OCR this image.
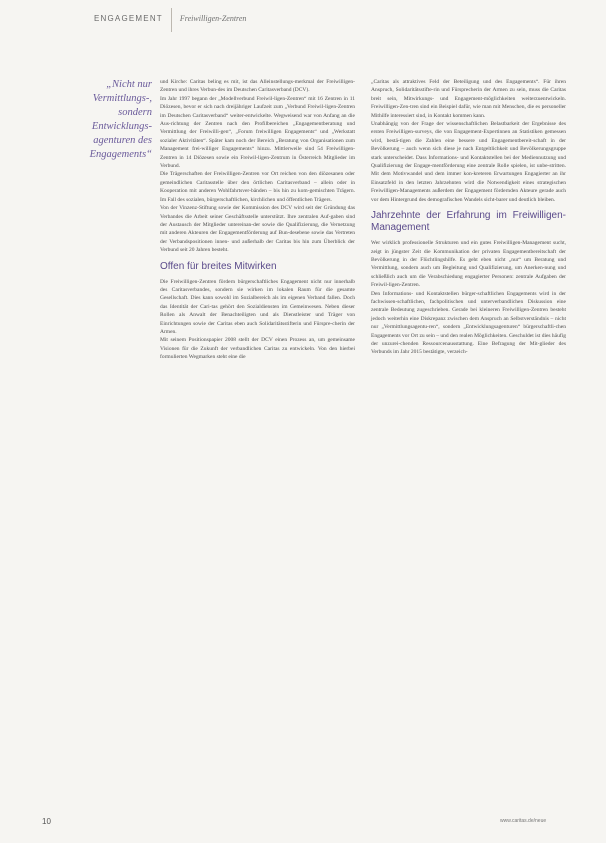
ENGAGEMENT Freiwilligen-Zentren
„Nicht nur Vermittlungs-, sondern Entwicklungs-agenturen des Engagements“

und Kirche: Caritas beling es mit, ist das Alleinstellungs-merkmal der Freiwilligen-Zentren und ihres Verbun-des im Deutschen Caritasverband (DCV).

Im Jahr 1997 begann der „Modellverbund Freiwil-ligen-Zentren“ mit 16 Zentren in 11 Diözesen, bevor er sich nach dreijähriger Laufzeit zum „Verbund Freiwil-ligen-Zentren im Deutschen Caritasverband“ weiter-entwickelte. Wegweisend war von Anfang an die Aus-richtung der Zentren nach den Profilbereichen „Engagementberatung und Vermittlung der Freiwilli-gen“, „Forum freiwilligen Engagements“ und „Werkstatt sozialer Aktivitäten“. Später kam noch der Bereich „Beratung von Organisationen zum Management frei-williger Engagements“ hinzu. Mittlerweile sind 54 Freiwilligen-Zentren in 14 Diözesen sowie ein Freiwil-ligen-Zentrum in Österreich Mitglieder im Verbund.

Die Trägerschaften der Freiwilligen-Zentren vor Ort reichen von den diözesanen oder gemeindlichen Caritasstelle über den örtlichen Caritasverband – allein oder in Kooperation mit anderen Wohlfahrtsver-bänden – bis hin zu kom-gemischten Trägern. Im Fall des sozialen, bürgerschaftlichen, kirchlichen und öffentlichen Trägers.

Von der Vinzenz-Stiftung sowie der Kommission des DCV wird seit der Gründung das Verbandes die Arbeit seiner Geschäftsstelle unterstützt. Ihre zentralen Auf-gaben sind der Austausch der Mitglieder untereinan-der sowie die Qualifizierung, die Vernetzung mit anderen Akteuren der Engagementförderung auf Bun-desebene sowie das Vertreten der Verbandspositionen innen- und außerhalb der Caritas bis hin zum Überblick der Verbund seit 20 Jahren besteht.

Offen für breites Mitwirken

Die Freiwilligen-Zentren fördern bürgerschaftliches Engagement nicht nur innerhalb des Caritasverbandes, sondern sie wirken im lokalen Raum für die gesamte Gesellschaft. Dies kann sowohl im Sozialbereich als im eigenen Verband fallen. Doch das Identität der Cari-tas gehört den Sozialdiensten im Gemeinwesen. Neben dieser Rollen als Anwalt der Benachteiligten und als Dienstleister und Träger von Einrichtungen sowie der Caritas eben auch Solidaritätsstifterin und Fürspre-cherin der Armen.

Mit seinem Positionspapier 2008 stellt der DCV einen Prozess an, um gemeinsame Visionen für die Zukunft der verbandlichen Caritas zu entwickeln. Von den hierbei formulierten Wegmarken steht eine die

„Caritas als attraktives Feld der Beteiligung und des Engagements“. Für ihren Anspruch, Solidaritätsstifte-rin und Fürsprecherin der Armen zu sein, muss die Caritas breit sein, Mitwirkungs- und Engagement-möglichkeiten weiterzuentwickeln. Freiwilligen-Zen-tren sind ein Beispiel dafür, wie man mit Menschen, die es personeller Mithilfe interessiert sind, in Kontakt kommen kann.

Unabhängig von der Frage der wissenschaftlichen Belastbarkeit der Ergebnisse des ersten Freiwilligen-surveys, die von Engagement-Expertinnen an Statistiken gemessen wird, bestä-tigen die Zahlen eine bessere und Engagementbereit-schaft in der Bevölkerung – auch wenn sich diese je nach Entgeltlichkeit und Bevölkerungsgruppe stark unterscheidet. Dass Informations- und Kontaktstellen bei der Mediennutzung und Qualifizierung der Engage-mentförderung eine zentrale Rolle spielen, ist unbe-stritten. Mit dem Motivwandel und dem immer kon-kreteren Erwartungen Engagierter an ihr Einsatzfeld in den letzten Jahrzehnten wird die Notwendigkeit eines strategischen Freiwilligen-Managements außerdem der Engagement fördernden Akteure gerade auch vor dem Hintergrund des demografischen Wandels sicht-barer und deutlich bleiben.

Jahrzehnte der Erfahrung im Freiwilligen-Management

Wer wirklich professionelle Strukturen und ein gutes Freiwilligen-Management sucht, zeigt in jüngster Zeit die Kommunikation der privaten Engagementbereitschaft der Bevölkerung in der Flüchtlingshilfe. Es geht eben nicht „nur“ um Beratung und Vermittlung, sondern auch um Begleitung und Qualifizierung, um Anerken-nung und schließlich auch um die Verabschiedung engagierter Personen: zentrale Aufgaben der Freiwil-ligen-Zentren.

Den Informations- und Kontaktstellen bürger-schaftlichen Engagements wird in der fachwissen-schaftlichen, fachpolitischen und unterverbandlichen Diskussion eine zentrale Bedeutung zugeschrieben. Gerade bei kleineren Freiwilligen-Zentren besteht jedoch weiterhin eine Diskrepanz zwischen dem Anspruch an Selbstverständnis – nicht nur „Vermittlungsagentu-ren“, sondern „Entwicklungsagenturen“ bürgerschaftli-chen Engagements vor Ort zu sein – und den realen Möglichkeiten. Geschuldet ist dies häufig der unzurei-chenden Ressourcenausstattung. Eine Befragung der Mit-glieder des Verbunds im Jahr 2015 bestätigte, verzeich-

10	www.caritas.de/neue
